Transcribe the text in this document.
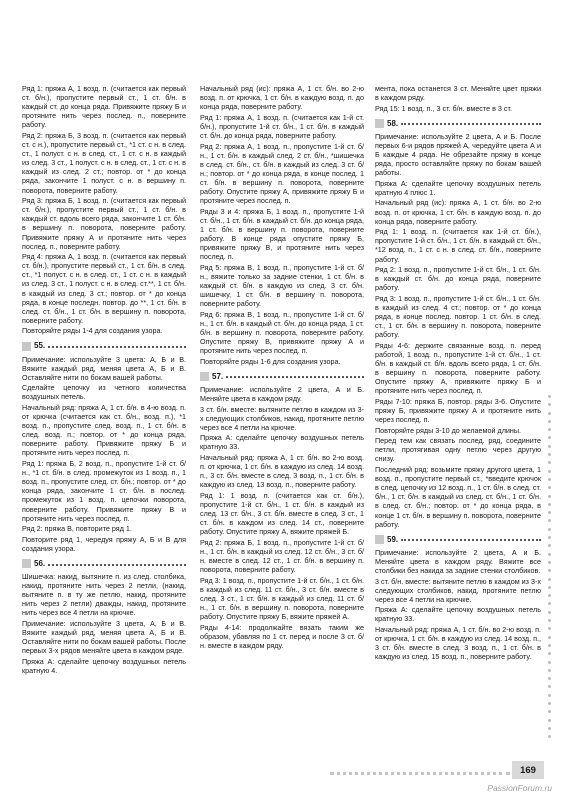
Ряд 1: пряжа А, 1 возд. п. (считается как первый ст. б/н.), пропустите первый ст., 1 ст. б/н. в каждый ст. до конца ряда. Привяжите пряжу Б и протяните нить через послед. п., поверните работу.

Ряд 2: пряжа Б, 3 возд. п. (считается как первый ст. с н.), пропустите первый ст., *1 ст. с н. в след. ст., 1 полуст. с н. в след. ст., 1 ст. с н. в каждый из след. 3 ст., 1 полуст. с н. в след. ст., 1 ст. с н. в каждый из след. 2 ст.; повтор. от * до конца ряда, закончите 1 полуст. с н. в вершину п. поворота, поверните работу.

Ряд 3: пряжа Б, 1 возд. п. (считается как первый ст. б/н.), пропустите первый ст., 1 ст. б/н. в каждый ст. вдоль всего ряда, закончите 1 ст. б/н. в вершину п. поворота, поверните работу. Привяжите пряжу А и протяните нить через послед. п., поверните работу.

Ряд 4: пряжа А, 1 возд. п. (считается как первый ст. б/н.), пропустите первый ст., 1 ст. б/н. в след. ст., *1 полуст. с н. в след. ст., 1 ст. с н. в каждый из след. 3 ст., 1 полуст. с н. в след. ст.**, 1 ст. б/н. в каждый из след. 3 ст.; повтор. от * до конца ряда, в конце последн. повтор. до **, 1 ст. б/н. в след. ст. б/н., 1 ст. б/н. в вершину п. поворота, поверните работу.

Повторяйте ряды 1-4 для создания узора.

55.

Примечание: используйте 3 цвета: А, Б и В. Вяжите каждый ряд, меняя цвета А, Б и В. Оставляйте нити по бокам вашей работы.

Сделайте цепочку из четного количества воздушных петель.

Начальный ряд: пряжа А, 1 ст. б/н. в 4-ю возд. п. от крючка (считается как ст. б/н., возд. п.), *1 возд. п., пропустите след. возд. п., 1 ст. б/н. в след. возд. п.; повтор. от * до конца ряда, поверните работу. Привяжите пряжу Б и протяните нить через послед. п.

Ряд 1: пряжа Б, 2 возд. п., пропустите 1-й ст. б/н., *1 ст. б/н. в след. промежуток из 1 возд. п., 1 возд. п., пропустите след. ст. б/н.; повтор. от * до конца ряда, закончите 1 ст. б/н. в послед. промежуток из 1 возд. п. цепочки поворота, поверните работу. Привяжите пряжу В и протяните нить через послед. п.

Ряд 2: пряжа В, повторите ряд 1.

Повторите ряд 1, чередуя пряжу А, Б и В для создания узора.

56.

Шишечка: накид, вытяните п. из след. столбика, накид, протяните нить через 2 петли, (накид, вытяните п. в ту же петлю, накид, протяните нить через 2 петли) дважды, накид, протяните нить через все 4 петли на крючке.

Примечание: используйте 3 цвета, А, Б и В. Вяжите каждый ряд, меняя цвета А, Б и В. Оставляйте нити по бокам вашей работы. После первых 3-х рядов меняйте цвета в каждом ряде.

Пряжа А: сделайте цепочку воздушных петель кратную 4.

Начальный ряд (ис): пряжа А, 1 ст. б/н. во 2-ю возд. п. от крючка, 1 ст. б/н. в каждую возд. п. до конца ряда, поверните работу.

Ряд 1: пряжа А, 1 возд. п. (считается как 1-й ст. б/н.), пропустите 1-й ст. б/н., 1 ст. б/н. в каждый ст. б/н. до конца ряда, поверните работу.

Ряд 2: пряжа А, 1 возд. п., пропустите 1-й ст. б/н., 1 ст. б/н. в каждый след. 2 ст. б/н., *шишечка в след. ст. б/н., ст. б/н. в каждый из след. 3 ст. б/н.; повтор. от * до конца ряда, в конце послед. 1 ст. б/н. в вершину п. поворота, поверните работу. Опустите пряжу А, привяжите пряжу Б и протяните через послед. п.

Ряды 3 и 4: пряжа Б, 1 возд. п., пропустите 1-й ст. б/н., 1 ст. б/н. в каждый ст. б/н. до конца ряда, 1 ст. б/н. в вершину п. поворота, поверните работу. В конце ряда опустите пряжу Б, привяжите пряжу В, и протяните нить через послед. п.

Ряд 5: пряжа В, 1 возд. п., пропустите 1-й ст. б/н., вяжите только за задние стенки, 1 ст. б/н. в каждый ст. б/н. в каждую из след. 3 ст. б/н. шишечку, 1 ст. б/н. в вершину п. поворота, поверните работу.

Ряд 6: пряжа В, 1 возд. п., пропустите 1-й ст. б/н., 1 ст. б/н. в каждый ст. б/н. до конца ряда, 1 ст. б/н. в вершину п. поворота, поверните работу. Опустите пряжу В, привяжите пряжу А и протяните нить через послед. п.

Повторяйте ряды 1-6 для создания узора.

57.

Примечание: используйте 2 цвета, А и Б. Меняйте цвета в каждом ряду.

3 ст. б/н. вместе: вытяните петлю в каждом из 3-х следующих столбиков, накид, протяните петлю через все 4 петли на крючке.

Пряжа А: сделайте цепочку воздушных петель кратную 33.

Начальный ряд: пряжа А, 1 ст. б/н. во 2-ю возд. п. от крючка, 1 ст. б/н. в каждую из след. 14 возд. п., 3 ст. б/н. вместе в след. 3 возд. п., 1 ст. б/н. в каждую из след. 13 возд. п., поверните работу.

Ряд 1: 1 возд. п. (считается как ст. б/н.), пропустите 1-й ст. б/н., 1 ст. б/н. в каждый из след. 13 ст. б/н., 3 ст. б/н. вместе в след. 3 ст., 1 ст. б/н. в каждом из след. 14 ст., поверните работу. Опустите пряжу А, вяжите пряжей Б.

Ряд 2: пряжа Б, 1 возд. п., пропустите 1-й ст. б/н., 1 ст. б/н. в каждый из след. 12 ст. б/н., 3 ст. б/н. вместе в след. 12 ст., 1 ст. б/н. в вершину п. поворота, поверните работу.

Ряд 3: 1 возд. п., пропустите 1-й ст. б/н., 1 ст. б/н. в каждый из след. 11 ст. б/н., 3 ст. б/н. вместе в след. 3 ст., 1 ст. б/н. в каждый из след. 11 ст. б/н., 1 ст. б/н. в вершину п. поворота, поверните работу. Опустите пряжу Б, вяжите пряжей А.

Ряды 4-14: продолжайте вязать таким же образом, убавляя по 1 ст. перед и после 3 ст. б/н. вместе в каждом ряду.

мента, пока останется 3 ст. Меняйте цвет пряжи в каждом ряду.

Ряд 15: 1 возд. п., 3 ст. б/н. вместе в 3 ст.

58.

Примечание: используйте 2 цвета, А и Б. После первых 6-и рядов пряжей А, чередуйте цвета А и Б каждые 4 ряда. Не обрезайте пряжу в конце ряда, просто оставляйте пряжу по бокам вашей работы.

Пряжа А: сделайте цепочку воздушных петель кратную 4 плюс 1.

Начальный ряд (ис): пряжа А, 1 ст. б/н. во 2-ю возд. п. от крючка, 1 ст. б/н. в каждую возд. п. до конца ряда, поверните работу.

Ряд 1: 1 возд. п. (считается как 1-й ст. б/н.), пропустите 1-й ст. б/н., 1 ст. б/н. в каждый ст. б/н., *12 возд. п., 1 ст. с н. в след. ст. б/н., поверните работу.

Ряд 2: 1 возд. п., пропустите 1-й ст. б/н., 1 ст. б/н. в каждый ст. б/н. до конца ряда, поверните работу.

Ряд 3: 1 возд. п., пропустите 1-й ст. б/н., 1 ст. б/н. в каждый из след. 4 ст.; повтор. от * до конца ряда, в конце послед. повтор. 1 ст. б/н. в след. ст., 1 ст. б/н. в вершину п. поворота, поверните работу.

Ряды 4-6: держите связанные возд. п. перед работой, 1 возд. п., пропустите 1-й ст. б/н., 1 ст. б/н. в каждый ст. б/н. вдоль всего ряда, 1 ст. б/н. в вершину п. поворота, поверните работу. Опустите пряжу А, привяжите пряжу Б и протяните нить через послед. п.

Ряды 7-10: пряжа Б, повтор. ряды 3-6. Опустите пряжу Б, привяжите пряжу А и протяните нить через послед. п.

Повторяйте ряды 3-10 до желаемой длины.

Перед тем как связать послед. ряд, соедините петли, протягивая одну петлю через другую снизу.

Последний ряд: возьмите пряжу другого цвета, 1 возд. п., пропустите первый ст., *введите крючок в след. цепочку из 12 возд. п., 1 ст. б/н. в след. ст. б/н., 1 ст. б/н. в каждый из след. ст. б/н., 1 ст. б/н. в след. ст. б/н.; повтор. от * до конца ряда, в конце 1 ст. б/н. в вершину п. поворота, поверните работу.

59.

Примечание: используйте 2 цвета, А и Б. Меняйте цвета в каждом ряду. Вяжите все столбики без накида за задние стенки столбиков.

3 ст. б/н. вместе: вытяните петлю в каждом из 3-х следующих столбиков, накид, протяните петлю через все 4 петли на крючке.

Пряжа А: сделайте цепочку воздушных петель кратную 33.

Начальный ряд: пряжа А, 1 ст. б/н. во 2-ю возд. п. от крючка, 1 ст. б/н. в каждую из след. 14 возд. п., 3 ст. б/н. вместе в след. 3 возд. п., 1 ст. б/н. в каждую из след. 15 возд. п., поверните работу.

169
PassionForum.ru
